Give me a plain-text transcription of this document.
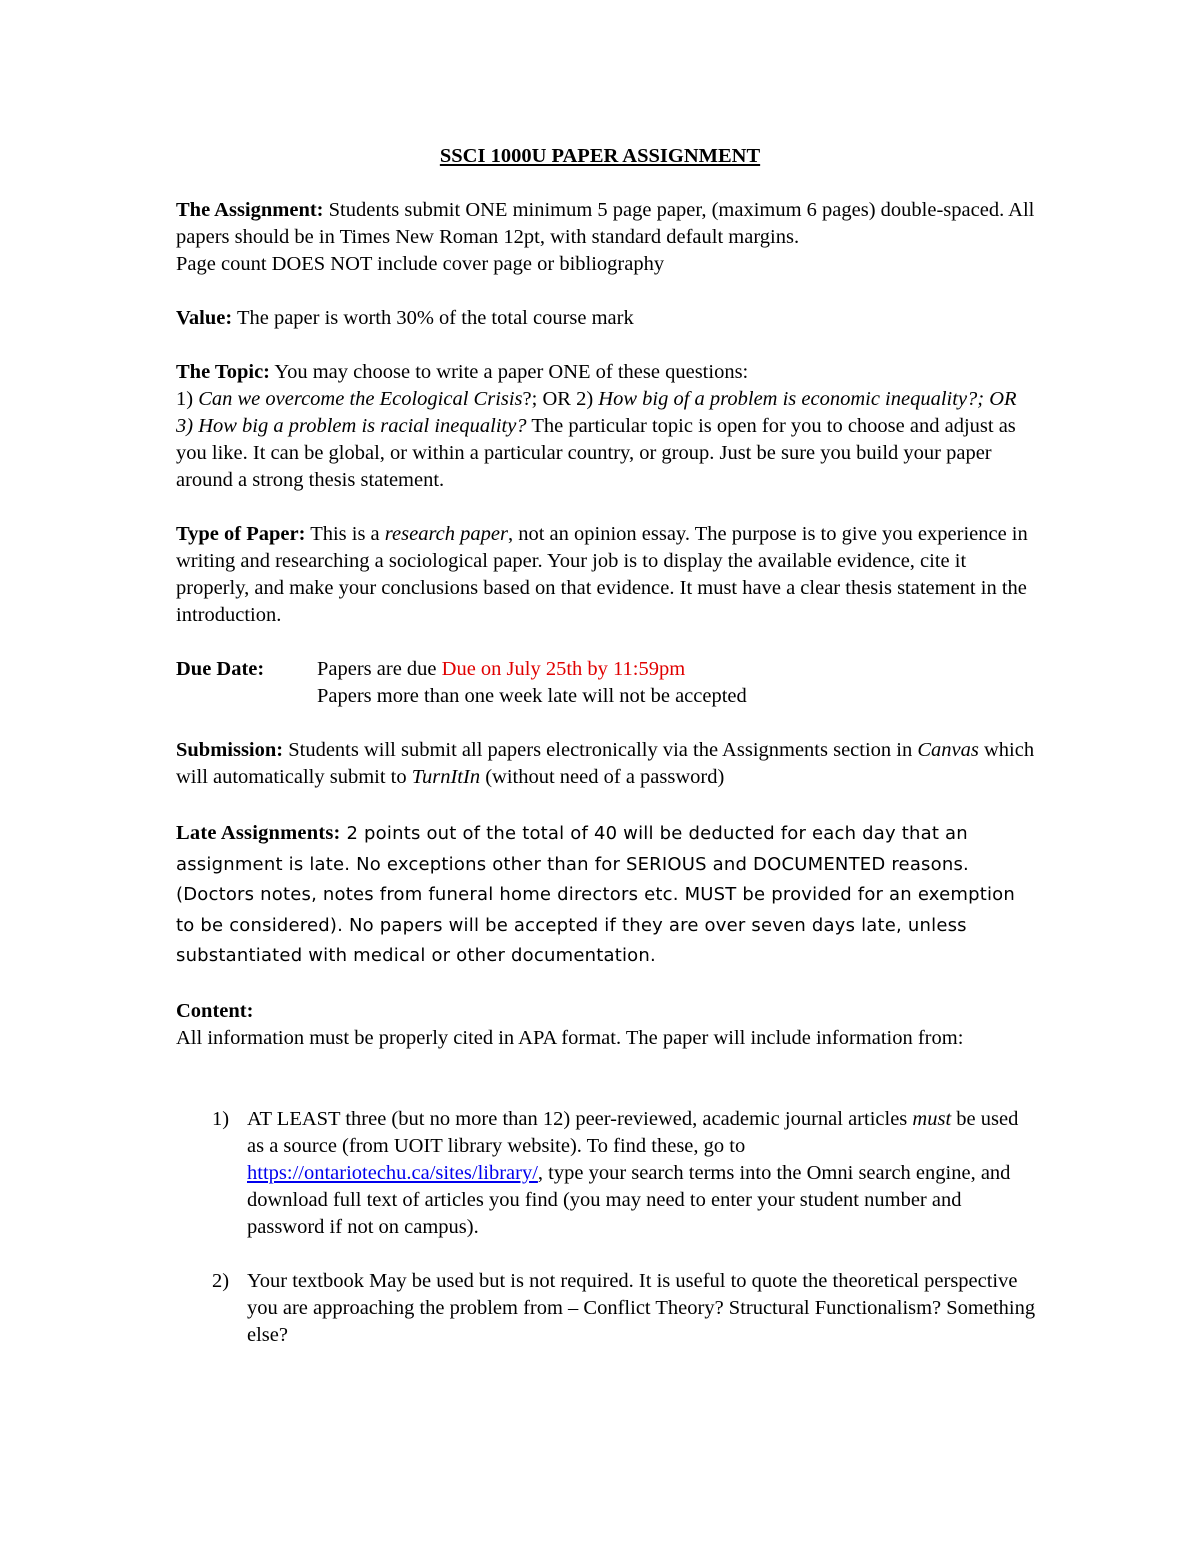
SSCI 1000U PAPER ASSIGNMENT

The Assignment: Students submit ONE minimum 5 page paper, (maximum 6 pages) double-spaced. All papers should be in Times New Roman 12pt, with standard default margins.
Page count DOES NOT include cover page or bibliography

Value: The paper is worth 30% of the total course mark

The Topic: You may choose to write a paper ONE of these questions:
1) Can we overcome the Ecological Crisis?; OR 2) How big of a problem is economic inequality?; OR 3) How big a problem is racial inequality? The particular topic is open for you to choose and adjust as you like. It can be global, or within a particular country, or group. Just be sure you build your paper around a strong thesis statement.

Type of Paper: This is a research paper, not an opinion essay. The purpose is to give you experience in writing and researching a sociological paper. Your job is to display the available evidence, cite it properly, and make your conclusions based on that evidence. It must have a clear thesis statement in the introduction.

Due Date:	Papers are due Due on July 25th by 11:59pm
Papers more than one week late will not be accepted

Submission: Students will submit all papers electronically via the Assignments section in Canvas which will automatically submit to TurnItIn (without need of a password)

Late Assignments: 2 points out of the total of 40 will be deducted for each day that an assignment is late. No exceptions other than for SERIOUS and DOCUMENTED reasons. (Doctors notes, notes from funeral home directors etc. MUST be provided for an exemption to be considered). No papers will be accepted if they are over seven days late, unless substantiated with medical or other documentation.

Content:
All information must be properly cited in APA format. The paper will include information from:
1) AT LEAST three (but no more than 12) peer-reviewed, academic journal articles must be used as a source (from UOIT library website). To find these, go to https://ontariotechu.ca/sites/library/, type your search terms into the Omni search engine, and download full text of articles you find (you may need to enter your student number and password if not on campus).
2) Your textbook May be used but is not required. It is useful to quote the theoretical perspective you are approaching the problem from – Conflict Theory? Structural Functionalism? Something else?
